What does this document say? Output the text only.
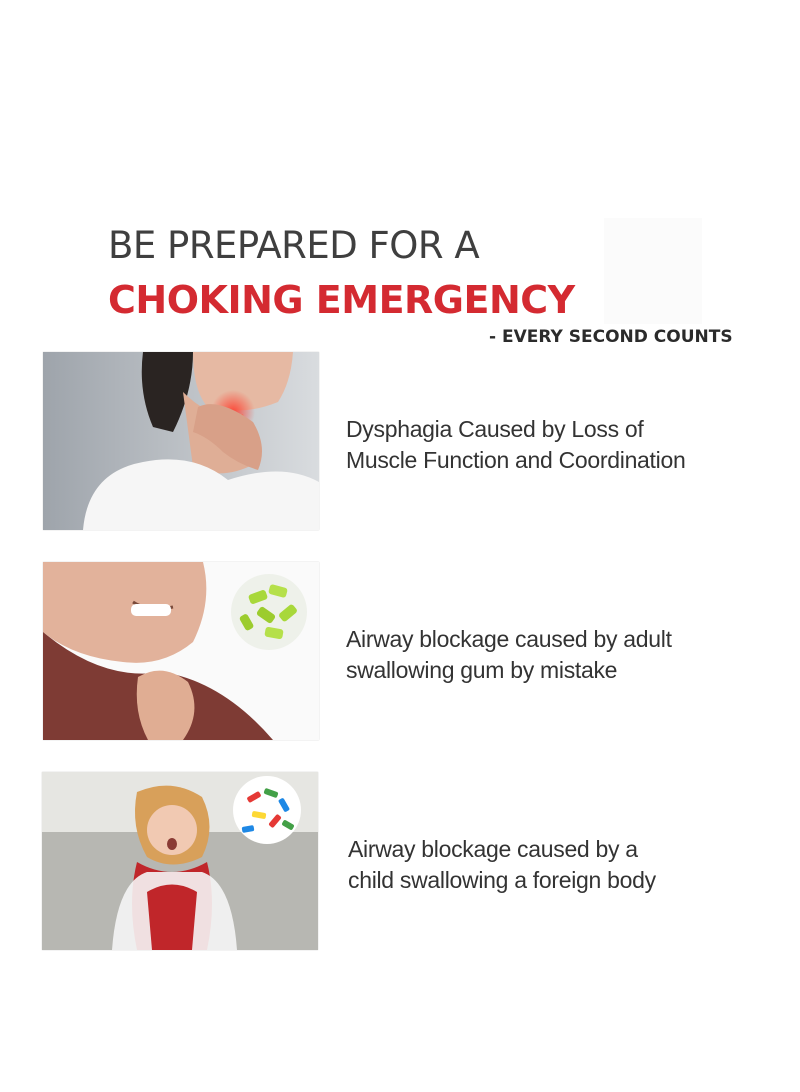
BE PREPARED FOR A
CHOKING EMERGENCY
- EVERY SECOND COUNTS
Dysphagia Caused by Loss of
Muscle Function and Coordination
Airway blockage caused by adult
swallowing gum by mistake
Airway blockage caused by a
child swallowing a foreign body
